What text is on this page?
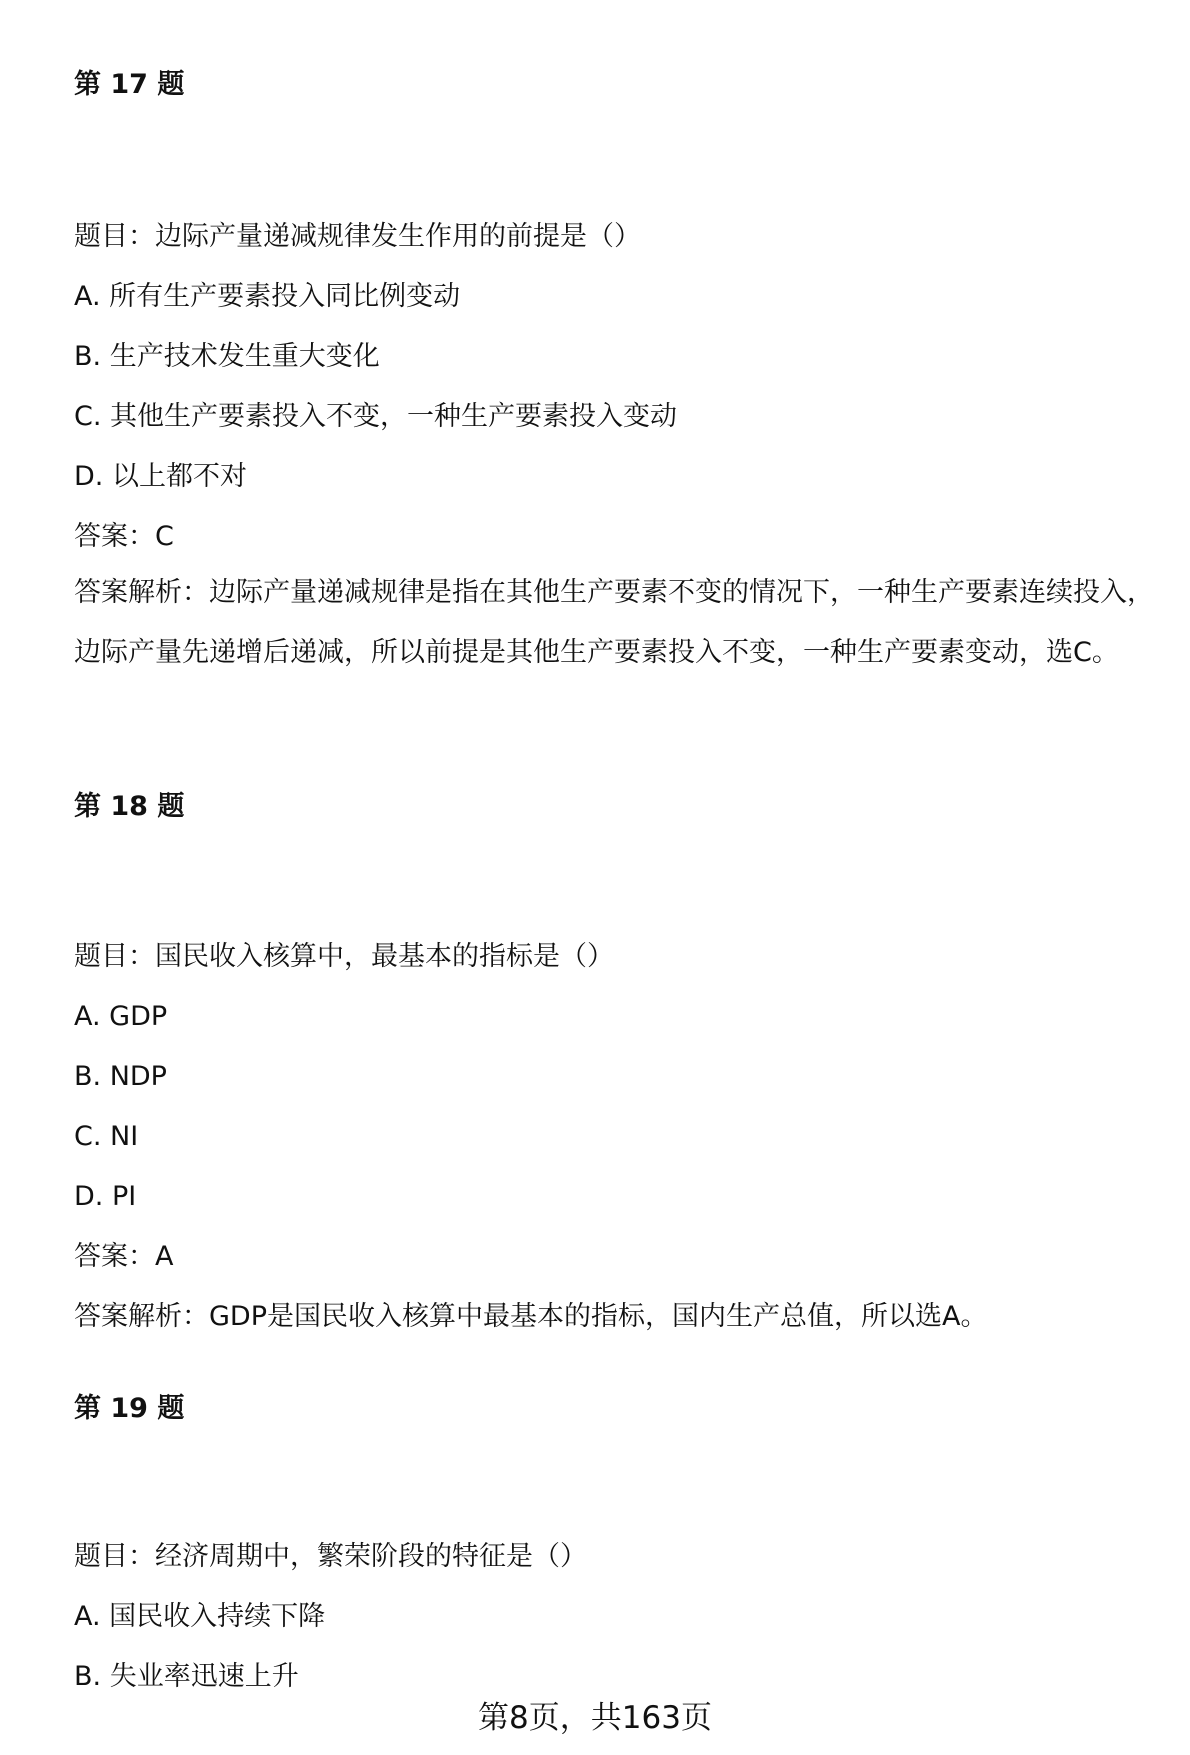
第 17 题
题目：边际产量递减规律发生作用的前提是（）
A. 所有生产要素投入同比例变动
B. 生产技术发生重大变化
C. 其他生产要素投入不变，一种生产要素投入变动
D. 以上都不对
答案：C
答案解析：边际产量递减规律是指在其他生产要素不变的情况下，一种生产要素连续投入，边际产量先递增后递减，所以前提是其他生产要素投入不变，一种生产要素变动，选C。
第 18 题
题目：国民收入核算中，最基本的指标是（）
A. GDP
B. NDP
C. NI
D. PI
答案：A
答案解析：GDP是国民收入核算中最基本的指标，国内生产总值，所以选A。
第 19 题
题目：经济周期中，繁荣阶段的特征是（）
A. 国民收入持续下降
B. 失业率迅速上升
第8页，共163页
